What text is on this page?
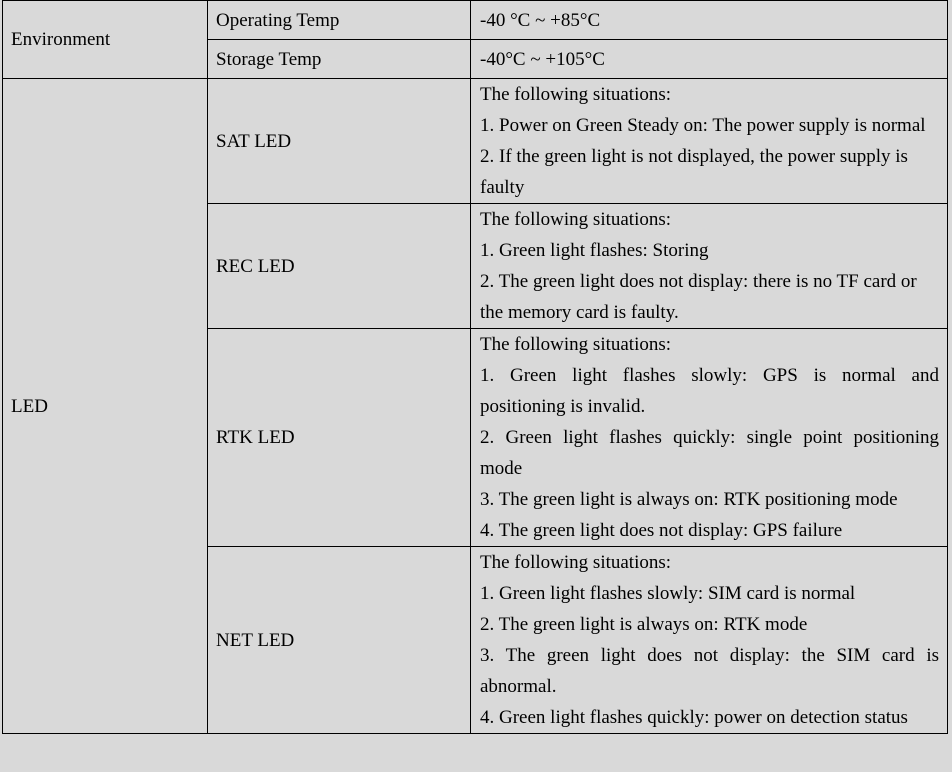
Environment	Operating Temp	-40 °C ~ +85°C
	Storage Temp	-40°C ~ +105°C
LED	SAT LED	The following situations:
1. Power on Green Steady on: The power supply is normal
2. If the green light is not displayed, the power supply is faulty

	REC LED	The following situations:
1. Green light flashes: Storing
2. The green light does not display: there is no TF card or the memory card is faulty.

	RTK LED	The following situations:
1. Green light flashes slowly: GPS is normal and positioning is invalid.
2. Green light flashes quickly: single point positioning mode
3. The green light is always on: RTK positioning mode
4. The green light does not display: GPS failure

	NET LED	The following situations:
1. Green light flashes slowly: SIM card is normal
2. The green light is always on: RTK mode
3. The green light does not display: the SIM card is abnormal.
4. Green light flashes quickly: power on detection status
